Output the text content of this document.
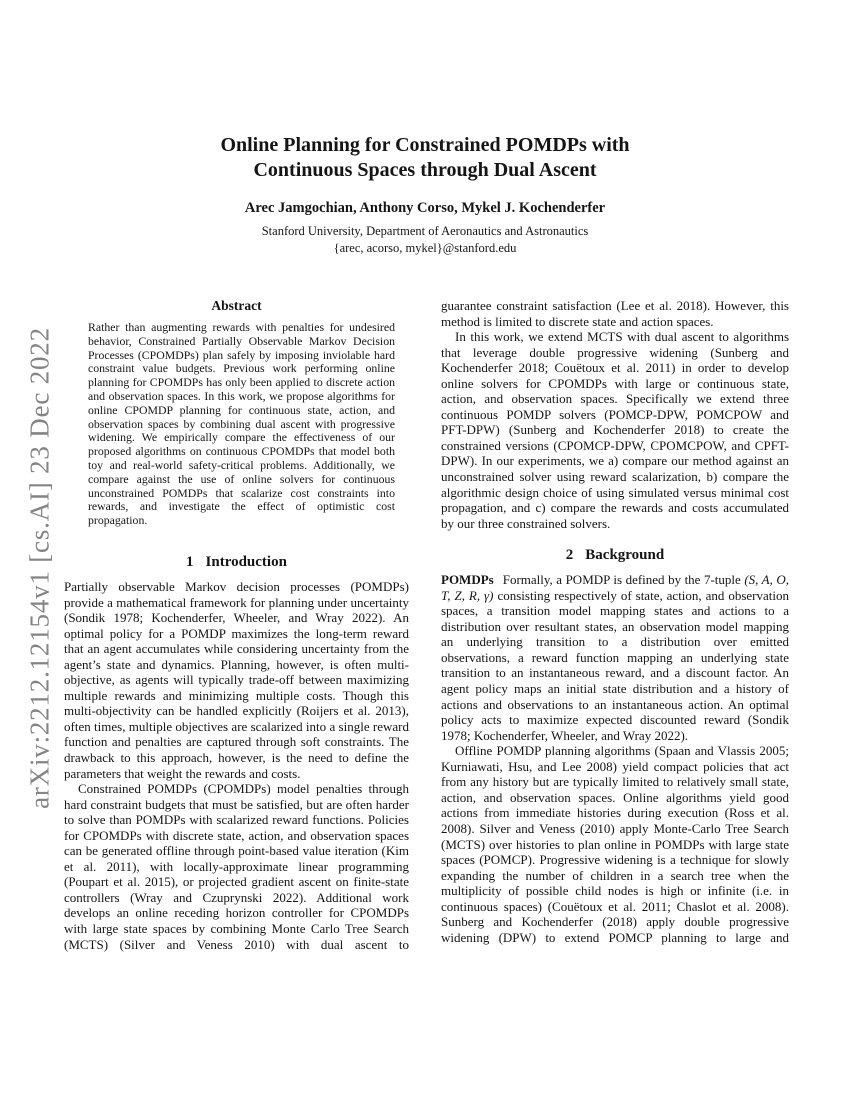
arXiv:2212.12154v1 [cs.AI] 23 Dec 2022
Online Planning for Constrained POMDPs with
Continuous Spaces through Dual Ascent
Arec Jamgochian, Anthony Corso, Mykel J. Kochenderfer
Stanford University, Department of Aeronautics and Astronautics
{arec, acorso, mykel}@stanford.edu
Abstract

Rather than augmenting rewards with penalties for undesired behavior, Constrained Partially Observable Markov Decision Processes (CPOMDPs) plan safely by imposing inviolable hard constraint value budgets. Previous work performing online planning for CPOMDPs has only been applied to discrete action and observation spaces. In this work, we propose algorithms for online CPOMDP planning for continuous state, action, and observation spaces by combining dual ascent with progressive widening. We empirically compare the effectiveness of our proposed algorithms on continuous CPOMDPs that model both toy and real-world safety-critical problems. Additionally, we compare against the use of online solvers for continuous unconstrained POMDPs that scalarize cost constraints into rewards, and investigate the effect of optimistic cost propagation.

1 Introduction

Partially observable Markov decision processes (POMDPs) provide a mathematical framework for planning under uncertainty (Sondik 1978; Kochenderfer, Wheeler, and Wray 2022). An optimal policy for a POMDP maximizes the long-term reward that an agent accumulates while considering uncertainty from the agent’s state and dynamics. Planning, however, is often multi-objective, as agents will typically trade-off between maximizing multiple rewards and minimizing multiple costs. Though this multi-objectivity can be handled explicitly (Roijers et al. 2013), often times, multiple objectives are scalarized into a single reward function and penalties are captured through soft constraints. The drawback to this approach, however, is the need to define the parameters that weight the rewards and costs.

Constrained POMDPs (CPOMDPs) model penalties through hard constraint budgets that must be satisfied, but are often harder to solve than POMDPs with scalarized reward functions. Policies for CPOMDPs with discrete state, action, and observation spaces can be generated offline through point-based value iteration (Kim et al. 2011), with locally-approximate linear programming (Poupart et al. 2015), or projected gradient ascent on finite-state controllers (Wray and Czuprynski 2022). Additional work develops an online receding horizon controller for CPOMDPs with large state spaces by combining Monte Carlo Tree Search (MCTS) (Silver and Veness 2010) with dual ascent to

guarantee constraint satisfaction (Lee et al. 2018). However, this method is limited to discrete state and action spaces.

In this work, we extend MCTS with dual ascent to algorithms that leverage double progressive widening (Sunberg and Kochenderfer 2018; Couëtoux et al. 2011) in order to develop online solvers for CPOMDPs with large or continuous state, action, and observation spaces. Specifically we extend three continuous POMDP solvers (POMCP-DPW, POMCPOW and PFT-DPW) (Sunberg and Kochenderfer 2018) to create the constrained versions (CPOMCP-DPW, CPOMCPOW, and CPFT-DPW). In our experiments, we a) compare our method against an unconstrained solver using reward scalarization, b) compare the algorithmic design choice of using simulated versus minimal cost propagation, and c) compare the rewards and costs accumulated by our three constrained solvers.

2 Background

POMDPs Formally, a POMDP is defined by the 7-tuple (S, A, O, T, Z, R, γ) consisting respectively of state, action, and observation spaces, a transition model mapping states and actions to a distribution over resultant states, an observation model mapping an underlying transition to a distribution over emitted observations, a reward function mapping an underlying state transition to an instantaneous reward, and a discount factor. An agent policy maps an initial state distribution and a history of actions and observations to an instantaneous action. An optimal policy acts to maximize expected discounted reward (Sondik 1978; Kochenderfer, Wheeler, and Wray 2022).

Offline POMDP planning algorithms (Spaan and Vlassis 2005; Kurniawati, Hsu, and Lee 2008) yield compact policies that act from any history but are typically limited to relatively small state, action, and observation spaces. Online algorithms yield good actions from immediate histories during execution (Ross et al. 2008). Silver and Veness (2010) apply Monte-Carlo Tree Search (MCTS) over histories to plan online in POMDPs with large state spaces (POMCP). Progressive widening is a technique for slowly expanding the number of children in a search tree when the multiplicity of possible child nodes is high or infinite (i.e. in continuous spaces) (Couëtoux et al. 2011; Chaslot et al. 2008). Sunberg and Kochenderfer (2018) apply double progressive widening (DPW) to extend POMCP planning to large and
